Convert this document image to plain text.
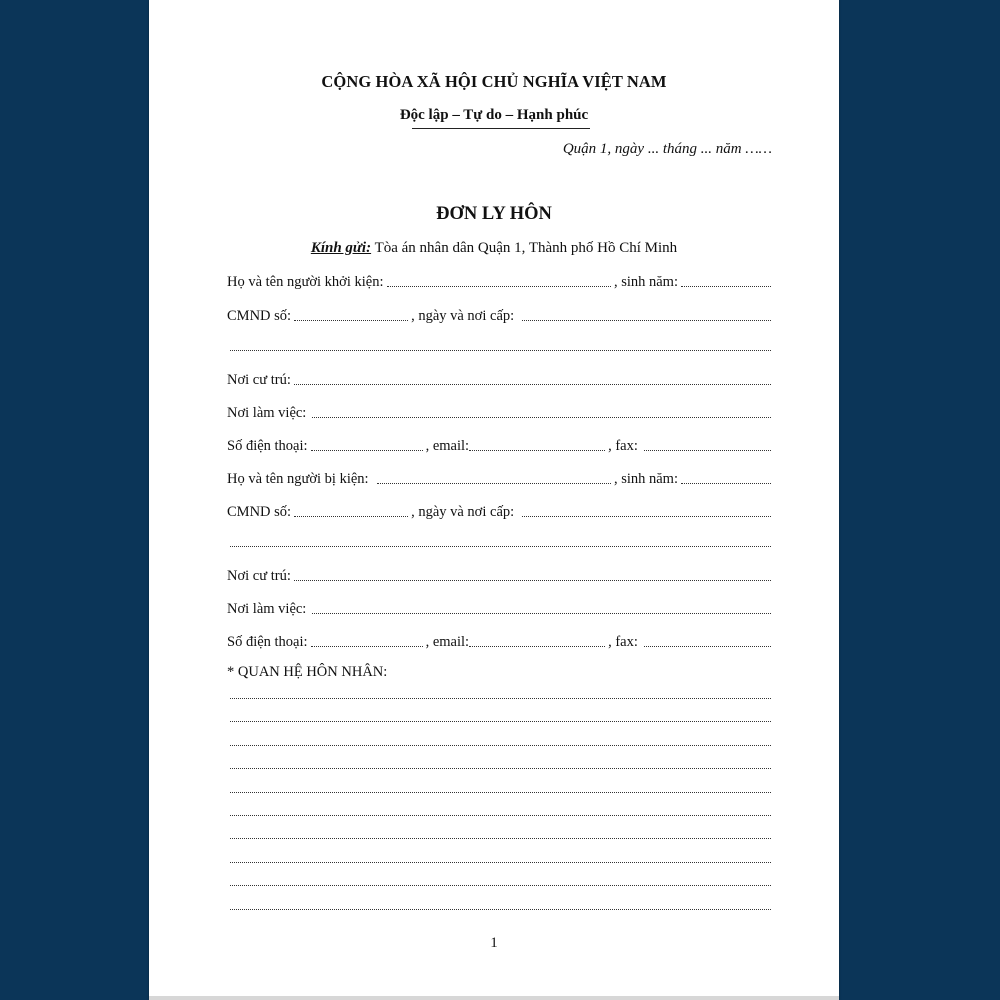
CỘNG HÒA XÃ HỘI CHỦ NGHĨA VIỆT NAM
Độc lập – Tự do – Hạnh phúc
Quận 1, ngày ... tháng ... năm ……
ĐƠN LY HÔN
Kính gửi: Tòa án nhân dân Quận 1, Thành phố Hồ Chí Minh
Họ và tên người khởi kiện:	, sinh năm:
CMND số:	, ngày và nơi cấp:
Nơi cư trú:
Nơi làm việc:
Số điện thoại:	, email:	, fax:
Họ và tên người bị kiện:	, sinh năm:
CMND số:	, ngày và nơi cấp:
Nơi cư trú:
Nơi làm việc:
Số điện thoại:	, email:	, fax:
* QUAN HỆ HÔN NHÂN:
1
